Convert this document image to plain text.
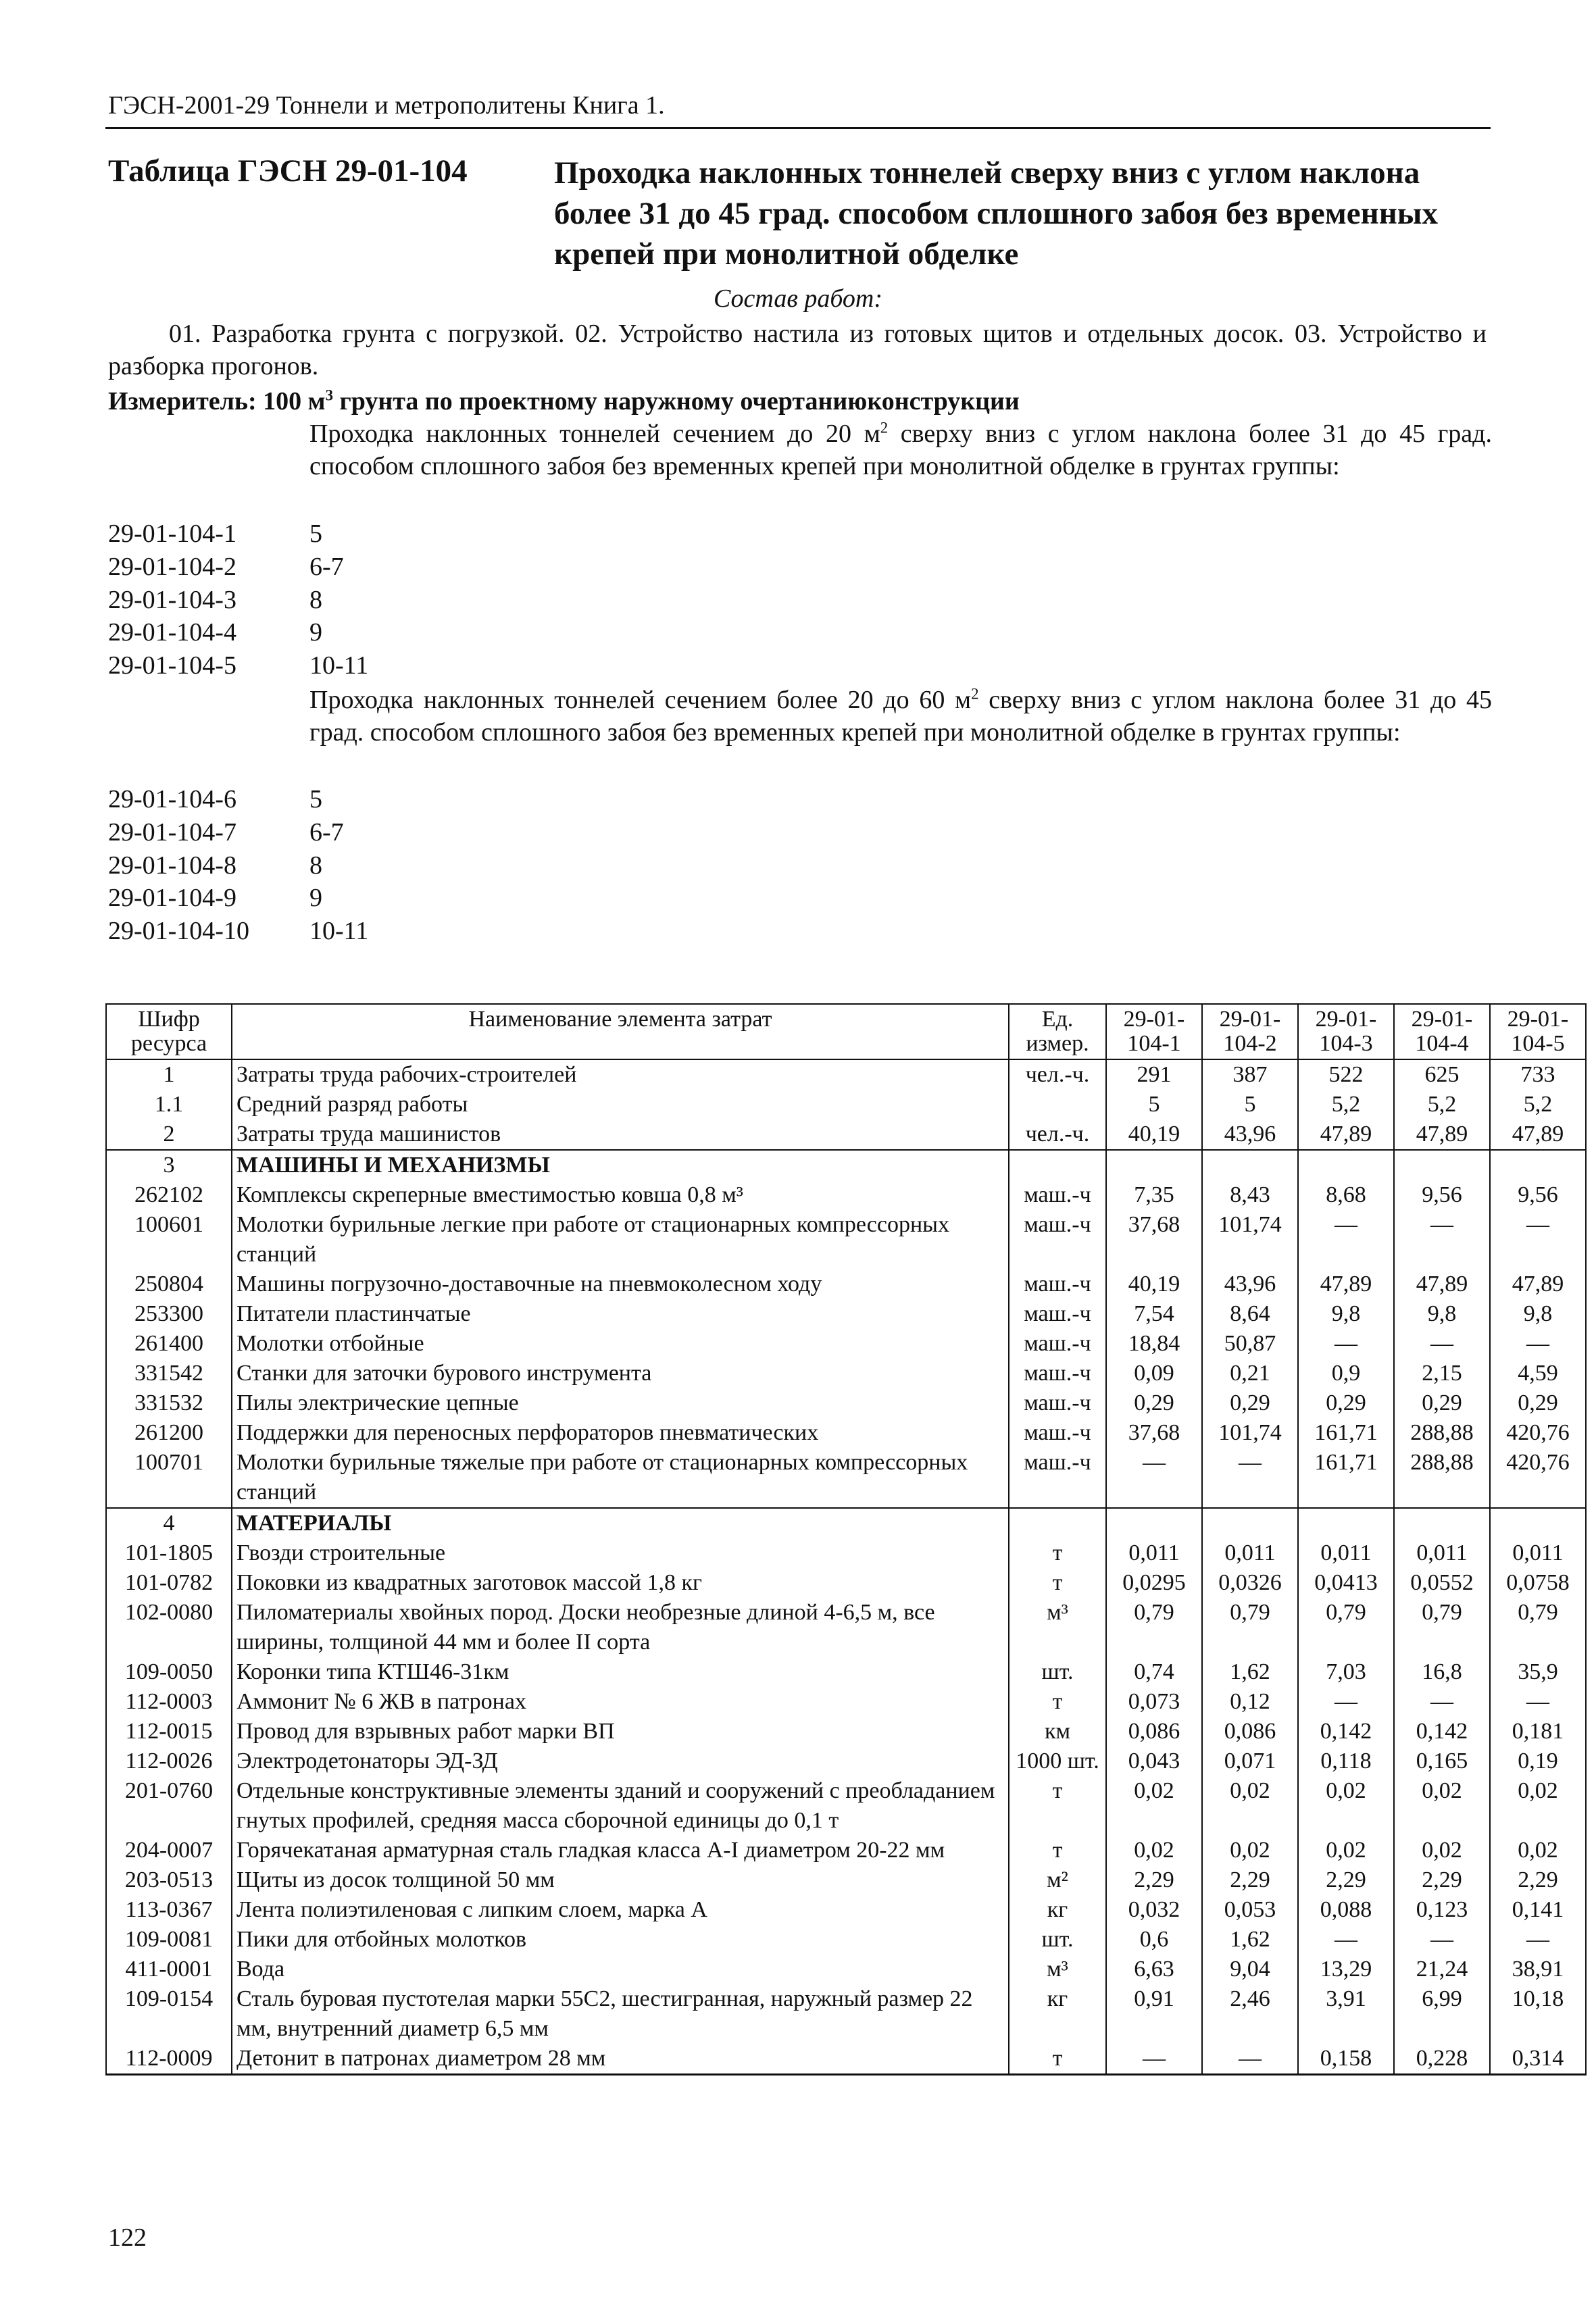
ГЭСН-2001-29 Тоннели и метрополитены Книга 1.
Таблица ГЭСН 29-01-104	Проходка наклонных тоннелей сверху вниз с углом наклона более 31 до 45 град. способом сплошного забоя без временных крепей при монолитной обделке
Состав работ:
01. Разработка грунта с погрузкой. 02. Устройство настила из готовых щитов и отдельных досок. 03. Устройство и разборка прогонов.
Измеритель: 100 $м^3$ грунта по проектному наружному очертаниюконструкции
Проходка наклонных тоннелей сечением до 20 $м^2$ сверху вниз с углом наклона более 31 до 45 град. способом сплошного забоя без временных крепей при монолитной обделке в грунтах группы:
29-01-104-1	5
29-01-104-2	6-7
29-01-104-3	8
29-01-104-4	9
29-01-104-5	10-11
Проходка наклонных тоннелей сечением более 20 до 60 $м^2$ сверху вниз с углом наклона более 31 до 45 град. способом сплошного забоя без временных крепей при монолитной обделке в грунтах группы:
29-01-104-6	5
29-01-104-7	6-7
29-01-104-8	8
29-01-104-9	9
29-01-104-10	10-11
Шифр ресурса	Наименование элемента затрат	Ед. измер.	29-01-104-1	29-01-104-2	29-01-104-3	29-01-104-4	29-01-104-5
1	Затраты труда рабочих-строителей	чел.-ч.	291	387	522	625	733
1.1	Средний разряд работы		5	5	5,2	5,2	5,2
2	Затраты труда машинистов	чел.-ч.	40,19	43,96	47,89	47,89	47,89
3	МАШИНЫ И МЕХАНИЗМЫ						
262102	Комплексы скреперные вместимостью ковша 0,8 м³	маш.-ч	7,35	8,43	8,68	9,56	9,56
100601	Молотки бурильные легкие при работе от стационарных компрессорных станций	маш.-ч	37,68	101,74	—	—	—
250804	Машины погрузочно-доставочные на пневмоколесном ходу	маш.-ч	40,19	43,96	47,89	47,89	47,89
253300	Питатели пластинчатые	маш.-ч	7,54	8,64	9,8	9,8	9,8
261400	Молотки отбойные	маш.-ч	18,84	50,87	—	—	—
331542	Станки для заточки бурового инструмента	маш.-ч	0,09	0,21	0,9	2,15	4,59
331532	Пилы электрические цепные	маш.-ч	0,29	0,29	0,29	0,29	0,29
261200	Поддержки для переносных перфораторов пневматических	маш.-ч	37,68	101,74	161,71	288,88	420,76
100701	Молотки бурильные тяжелые при работе от стационарных компрессорных станций	маш.-ч	—	—	161,71	288,88	420,76
4	МАТЕРИАЛЫ						
101-1805	Гвозди строительные	т	0,011	0,011	0,011	0,011	0,011
101-0782	Поковки из квадратных заготовок массой 1,8 кг	т	0,0295	0,0326	0,0413	0,0552	0,0758
102-0080	Пиломатериалы хвойных пород. Доски необрезные длиной 4-6,5 м, все ширины, толщиной 44 мм и более II сорта	м³	0,79	0,79	0,79	0,79	0,79
109-0050	Коронки типа КТШ46-31км	шт.	0,74	1,62	7,03	16,8	35,9
112-0003	Аммонит № 6 ЖВ в патронах	т	0,073	0,12	—	—	—
112-0015	Провод для взрывных работ марки ВП	км	0,086	0,086	0,142	0,142	0,181
112-0026	Электродетонаторы ЭД-ЗД	1000 шт.	0,043	0,071	0,118	0,165	0,19
201-0760	Отдельные конструктивные элементы зданий и сооружений с преобладанием гнутых профилей, средняя масса сборочной единицы до 0,1 т	т	0,02	0,02	0,02	0,02	0,02
204-0007	Горячекатаная арматурная сталь гладкая класса А-I диаметром 20-22 мм	т	0,02	0,02	0,02	0,02	0,02
203-0513	Щиты из досок толщиной 50 мм	м²	2,29	2,29	2,29	2,29	2,29
113-0367	Лента полиэтиленовая с липким слоем, марка А	кг	0,032	0,053	0,088	0,123	0,141
109-0081	Пики для отбойных молотков	шт.	0,6	1,62	—	—	—
411-0001	Вода	м³	6,63	9,04	13,29	21,24	38,91
109-0154	Сталь буровая пустотелая марки 55С2, шестигранная, наружный размер 22 мм, внутренний диаметр 6,5 мм	кг	0,91	2,46	3,91	6,99	10,18
112-0009	Детонит в патронах диаметром 28 мм	т	—	—	0,158	0,228	0,314
122
